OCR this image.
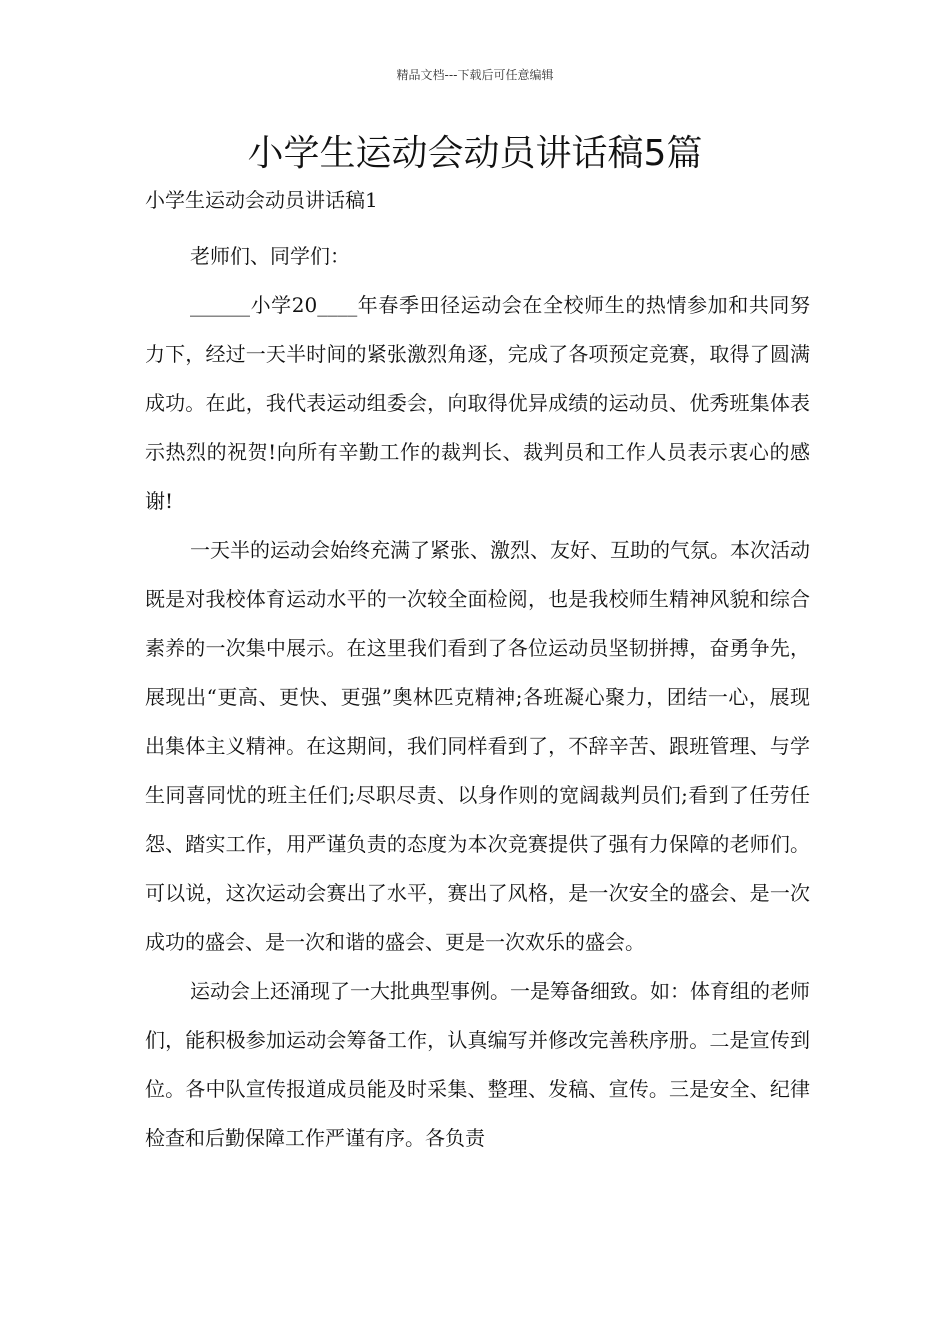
精品文档---下载后可任意编辑
小学生运动会动员讲话稿5篇
小学生运动会动员讲话稿1

老师们、同学们：

______小学20____年春季田径运动会在全校师生的热情参加和共同努力下，经过一天半时间的紧张激烈角逐，完成了各项预定竞赛，取得了圆满成功。在此，我代表运动组委会，向取得优异成绩的运动员、优秀班集体表示热烈的祝贺!向所有辛勤工作的裁判长、裁判员和工作人员表示衷心的感谢!

一天半的运动会始终充满了紧张、激烈、友好、互助的气氛。本次活动既是对我校体育运动水平的一次较全面检阅，也是我校师生精神风貌和综合素养的一次集中展示。在这里我们看到了各位运动员坚韧拼搏，奋勇争先，展现出“更高、更快、更强”奥林匹克精神;各班凝心聚力，团结一心，展现出集体主义精神。在这期间，我们同样看到了，不辞辛苦、跟班管理、与学生同喜同忧的班主任们;尽职尽责、以身作则的宽阔裁判员们;看到了任劳任怨、踏实工作，用严谨负责的态度为本次竞赛提供了强有力保障的老师们。可以说，这次运动会赛出了水平，赛出了风格，是一次安全的盛会、是一次成功的盛会、是一次和谐的盛会、更是一次欢乐的盛会。

运动会上还涌现了一大批典型事例。一是筹备细致。如：体育组的老师们，能积极参加运动会筹备工作，认真编写并修改完善秩序册。二是宣传到位。各中队宣传报道成员能及时采集、整理、发稿、宣传。三是安全、纪律检查和后勤保障工作严谨有序。各负责
